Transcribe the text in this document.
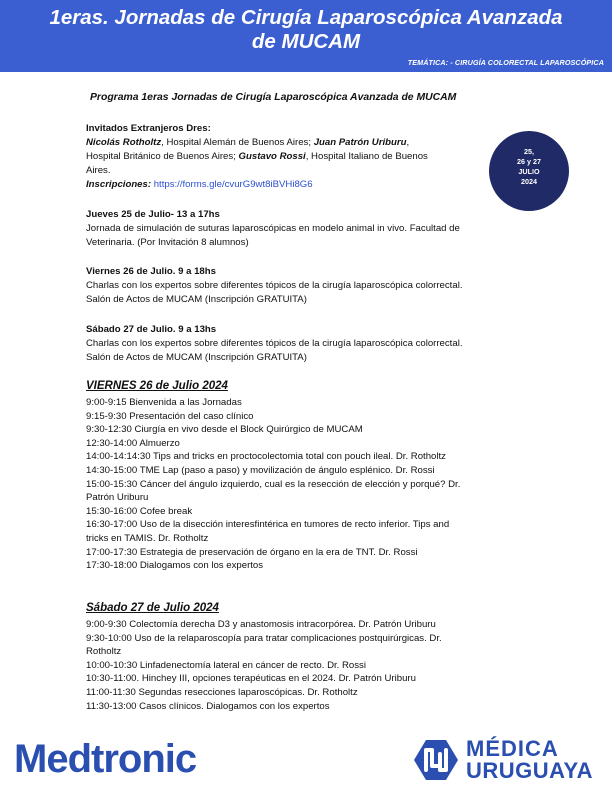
1eras. Jornadas de Cirugía Laparoscópica Avanzada
de MUCAM
TEMÁTICA: - CIRUGÍA COLORECTAL LAPAROSCÓPICA
Programa 1eras Jornadas de Cirugía Laparoscópica Avanzada de MUCAM
Invitados Extranjeros Dres:
Nicolás Rotholtz, Hospital Alemán de Buenos Aires; Juan Patrón Uriburu,
Hospital Británico de Buenos Aires; Gustavo Rossi, Hospital Italiano de Buenos
Aires.
Inscripciones: https://forms.gle/cvurG9wt8iBVHi8G6
25,
26 y 27
JULIO
2024
Jueves 25 de Julio- 13 a 17hs
Jornada de simulación de suturas laparoscópicas en modelo animal in vivo. Facultad de
Veterinaria. (Por Invitación 8 alumnos)
Viernes 26 de Julio. 9 a 18hs
Charlas con los expertos sobre diferentes tópicos de la cirugía laparoscópica colorrectal.
Salón de Actos de MUCAM (Inscripción GRATUITA)
Sábado 27 de Julio. 9 a 13hs
Charlas con los expertos sobre diferentes tópicos de la cirugía laparoscópica colorrectal.
Salón de Actos de MUCAM (Inscripción GRATUITA)
VIERNES 26 de Julio 2024
9:00-9:15 Bienvenida a las Jornadas
9:15-9:30 Presentación del caso clínico
9:30-12:30 Ciurgía en vivo desde el Block Quirúrgico de MUCAM
12:30-14:00 Almuerzo
14:00-14:14:30 Tips and tricks en proctocolectomia total con pouch ileal. Dr. Rotholtz
14:30-15:00 TME Lap (paso a paso) y movilización de ángulo esplénico. Dr. Rossi
15:00-15:30 Cáncer del ángulo izquierdo, cual es la resección de elección y porqué? Dr.
Patrón Uriburu
15:30-16:00 Cofee break
16:30-17:00 Uso de la disección interesfintérica en tumores de recto inferior. Tips and
tricks en TAMIS. Dr. Rotholtz
17:00-17:30 Estrategia de preservación de órgano en la era de TNT. Dr. Rossi
17:30-18:00 Dialogamos con los expertos
Sábado 27 de Julio 2024
9:00-9:30 Colectomía derecha D3 y anastomosis intracorpórea. Dr. Patrón Uriburu
9:30-10:00 Uso de la relaparoscopía para tratar complicaciones postquirúrgicas. Dr.
Rotholtz
10:00-10:30 Linfadenectomía lateral en cáncer de recto. Dr. Rossi
10:30-11:00. Hinchey III, opciones terapéuticas en el 2024. Dr. Patrón Uriburu
11:00-11:30 Segundas resecciones laparoscópicas. Dr. Rotholtz
11:30-13:00 Casos clínicos. Dialogamos con los expertos
Medtronic	MÉDICA
URUGUAYA
